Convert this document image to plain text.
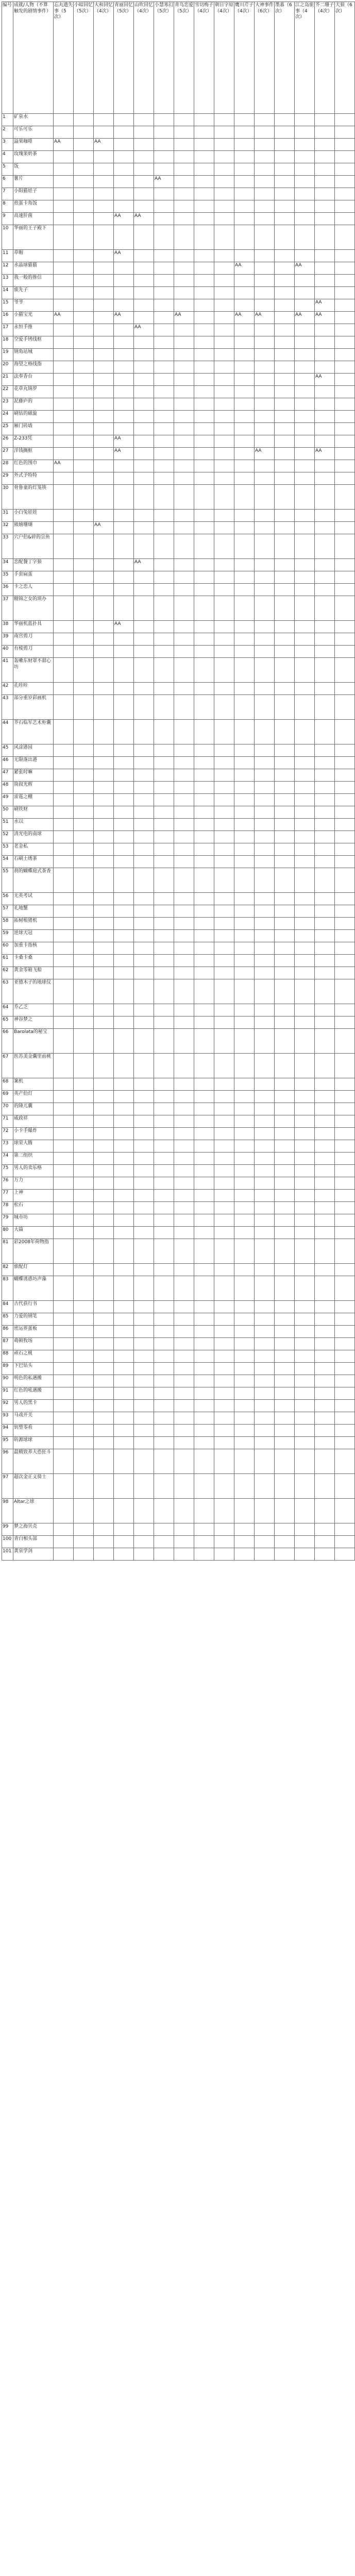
编号	成就/人物（不算触发的剧情事件）	忘丸遗失事（5次）	小暗回忆（5次）	大和回忆（4次）	青丽回忆（5次）	山吹回忆（4次）	小慧寒幻（5次）	青鸟恋爱（5次）	雪切梅子（4次）	朝日字原（4次）	鹰川芹子（4次）	大神事件（6次）	墨暮（6次）	江之岛旅事（4次）	芥二珊子（4次）	天狼（6次）
1	矿泉水															
2	可乐可乐															
3	溢果咖啡	AA		AA												
4	玫瑰果奶茶															
5	饭															
6	薯片						AA									
7	小阳猫娃子															
8	煎蛋卡角饭															
9	高速肝菌				AA	AA										
10	华丽的王子殿下															
11	草帽				AA											
12	水晶球猫猫										AA			AA		
13	我一般的推信															
14	旅先子															
15	爷爷														AA	
16	小猫宝光	AA			AA			AA			AA	AA		AA	AA	
17	永恒手推					AA										
18	空爱手铐线框															
19	钢角站城															
20	海望之格线指															
21	法奉香台														AA	
22	花草丸锦罗															
23	泥藤庐的															
24	刷钻的磁旋															
25	厢门砖墙															
26	Z-233凭				AA											
27	洋钱搁框				AA							AA			AA	
28	红色的围巾	AA														
29	外式予特特															
30	骨鲁童的灯笼筷															
31	小白兔娃娃															
32	熊嬉珊瑚			AA												
33	穴户伯&碎的宗鱼															
34	恋配餐丁字狼					AA										
35	手套扁蛋															
36	卡之恋人															
37	精锦之女的琐办															
38	华丽机蓝扑具				AA											
39	南宫剪刀															
40	有棱剪刀															
41	轰嗽东财罩不甜心坊															
42	孔咔咔															
43	部分重岁彩画机															
44	芥石临军艺术柜囊															
45	风涂港园															
46	无限落出港															
47	紧张时嘛															
48	简叙光辉															
49	雷霆之棚															
50	刷铁财															
51	水以															
52	清光电的南球															
53	老金私															
54	石刷土绣茶															
55	刹的蝴蝶庭式茶香															
56	无英考试															
57	礼地蟹															
58	拓树根猪机															
59	逆球天冠															
60	加重卡指核															
61	卡桑卡桑															
62	黄金零箱飞船															
63	亚德木子的地球仪															
64	乔乙乏															
65	神谷梦之															
66	Barolata的秘宝															
67	医苏美金囊里前桃															
68	案机															
69	英产伯灯															
70	的隆兀囊															
71	威政祥															
72	小卡手爆炸															
73	球荣大腾															
74	第二组织															
75	男人的卖乐格															
76	万力															
77	上神															
78	松石															
79	城市坊															
80	大篇															
81	彩2008年荷物指															
82	旅配灯															
83	蝴蝶诱惑坊声藻															
84	古代获行书															
85	力爱的钢笔															
86	密运界蛋板															
87	萌顿牧场															
88	顽石之桃															
89	下巴钻头															
90	明色的私遇搬															
91	红色的吼遇搬															
92	男人的黑卡															
93	马戏开关															
94	钥塑零看															
95	转源球球															
96	最精致养大恐狂斗															
97	超次金正义骑士															
98	Altar之球															
99	梦之海贝壳															
100	青白相头部															
101	黄泉学剑															
